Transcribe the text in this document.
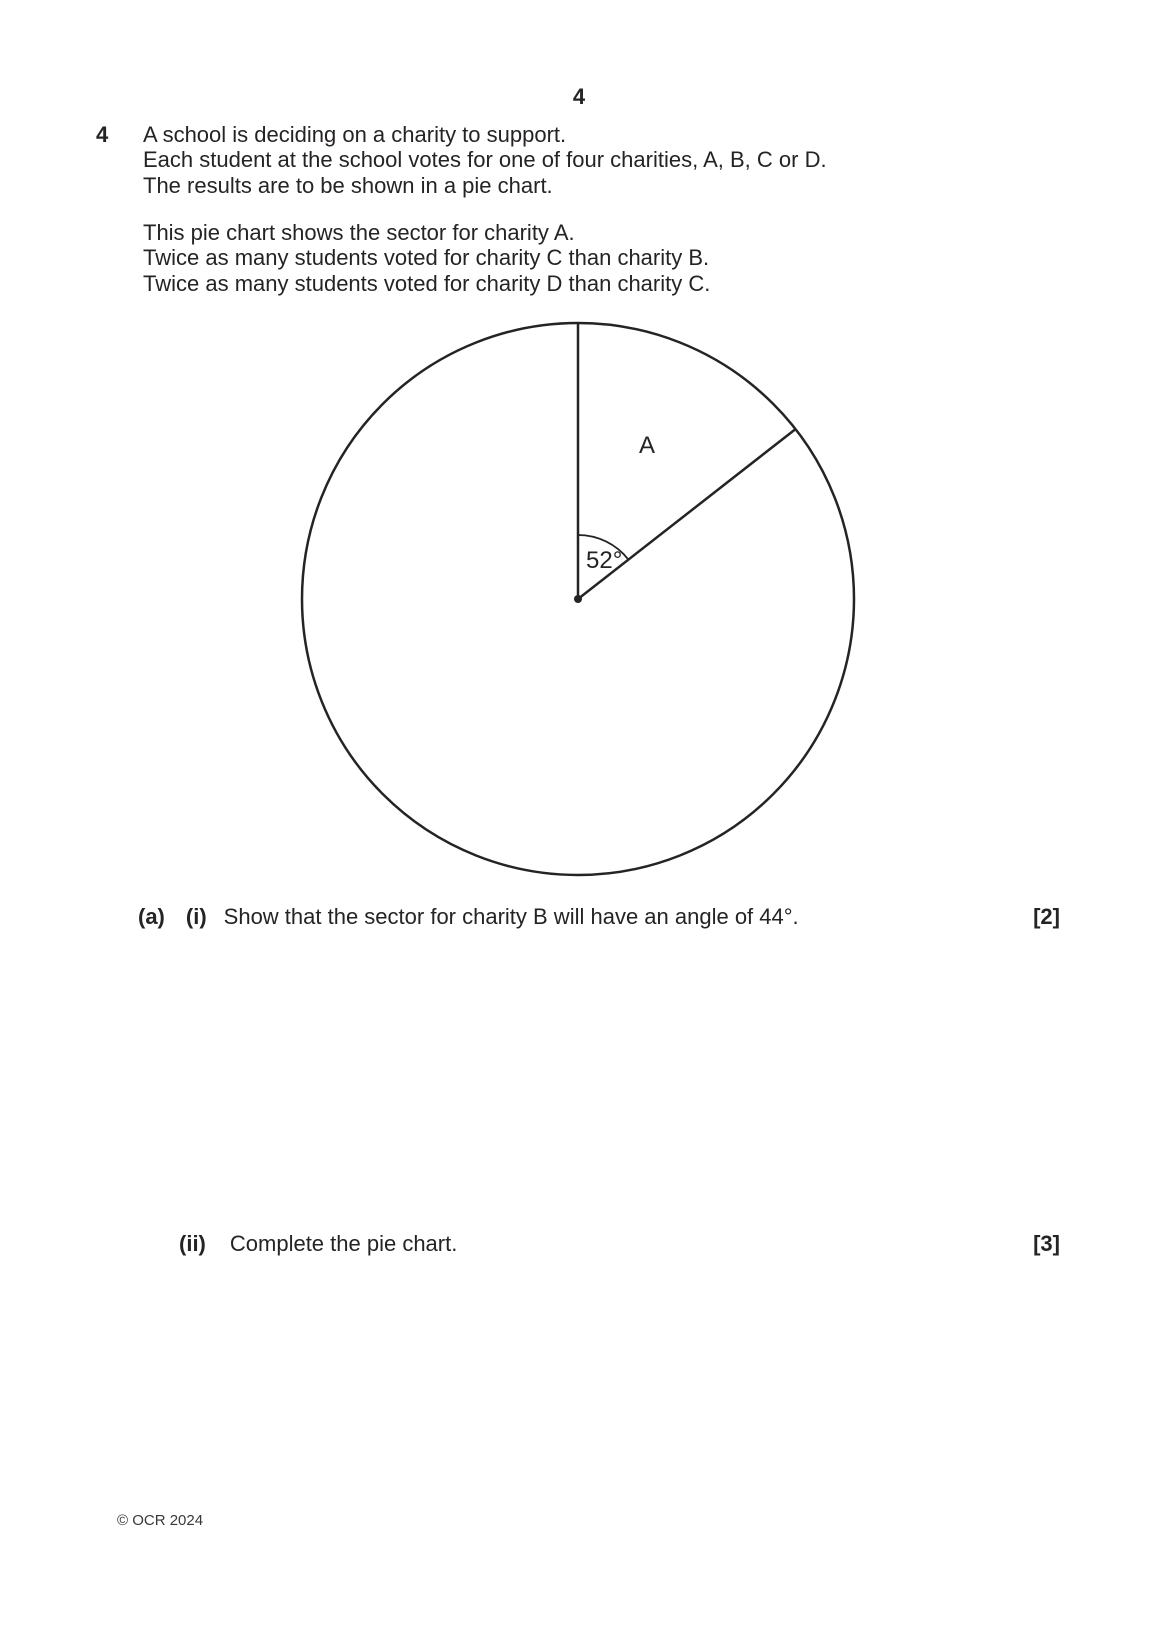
4
4 A school is deciding on a charity to support.
Each student at the school votes for one of four charities, A, B, C or D.
The results are to be shown in a pie chart.
This pie chart shows the sector for charity A.
Twice as many students voted for charity C than charity B.
Twice as many students voted for charity D than charity C.
A
52°
(a) (i) Show that the sector for charity B will have an angle of 44°.	[2]
(ii) Complete the pie chart.	[3]
© OCR 2024
